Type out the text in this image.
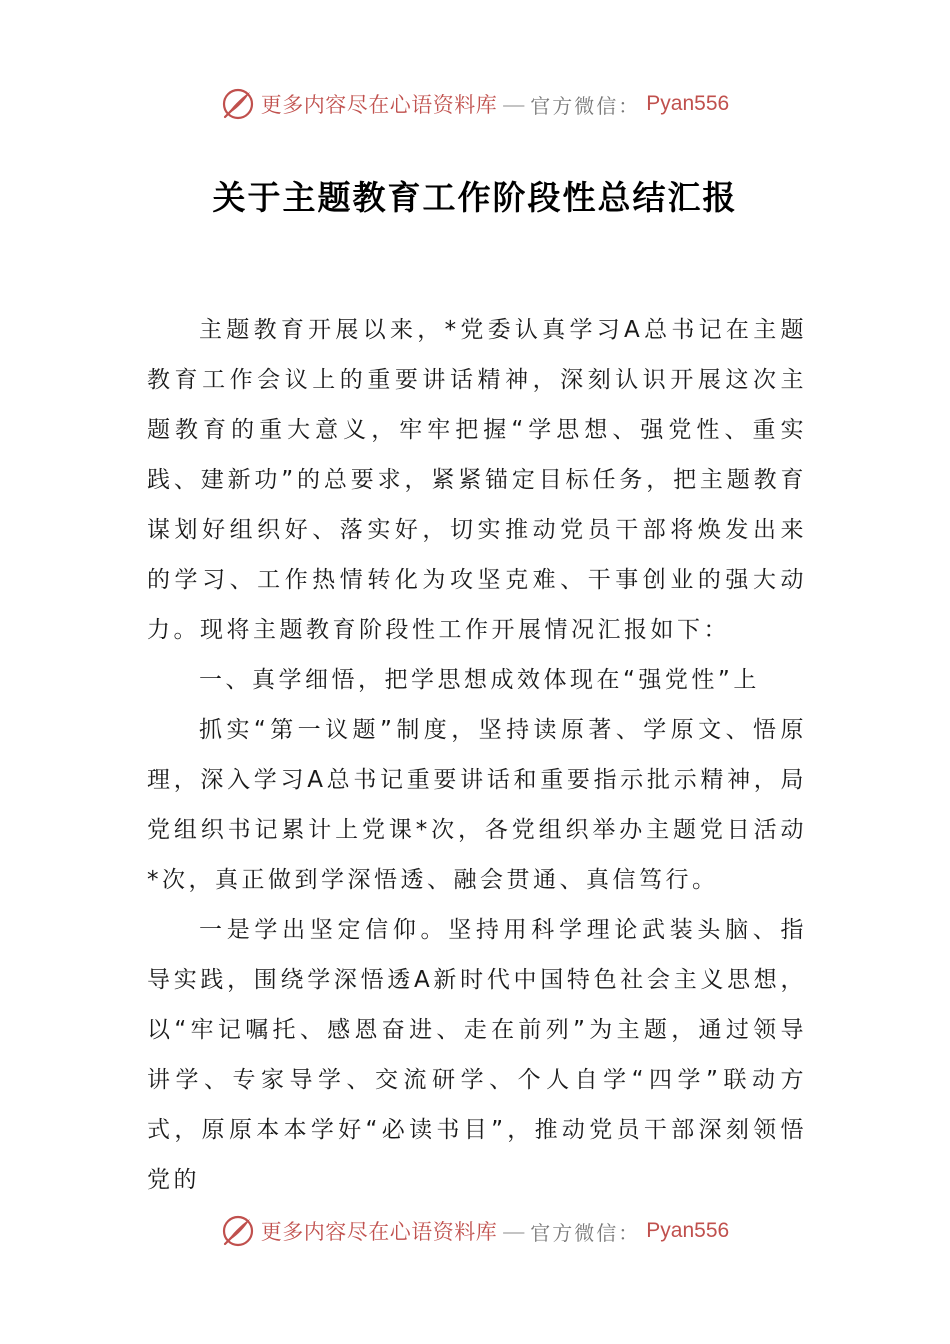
更多内容尽在心语资料库 — 官方微信： Pyan556
关于主题教育工作阶段性总结汇报

主题教育开展以来，*党委认真学习A总书记在主题教育工作会议上的重要讲话精神，深刻认识开展这次主题教育的重大意义，牢牢把握“学思想、强党性、重实践、建新功”的总要求，紧紧锚定目标任务，把主题教育谋划好组织好、落实好，切实推动党员干部将焕发出来的学习、工作热情转化为攻坚克难、干事创业的强大动力。现将主题教育阶段性工作开展情况汇报如下：

一、真学细悟，把学思想成效体现在“强党性”上

抓实“第一议题”制度，坚持读原著、学原文、悟原理，深入学习A总书记重要讲话和重要指示批示精神，局党组织书记累计上党课*次，各党组织举办主题党日活动*次，真正做到学深悟透、融会贯通、真信笃行。

一是学出坚定信仰。坚持用科学理论武装头脑、指导实践，围绕学深悟透A新时代中国特色社会主义思想，以“牢记嘱托、感恩奋进、走在前列”为主题，通过领导讲学、专家导学、交流研学、个人自学“四学”联动方式，原原本本学好“必读书目”，推动党员干部深刻领悟党的

更多内容尽在心语资料库 — 官方微信： Pyan556
